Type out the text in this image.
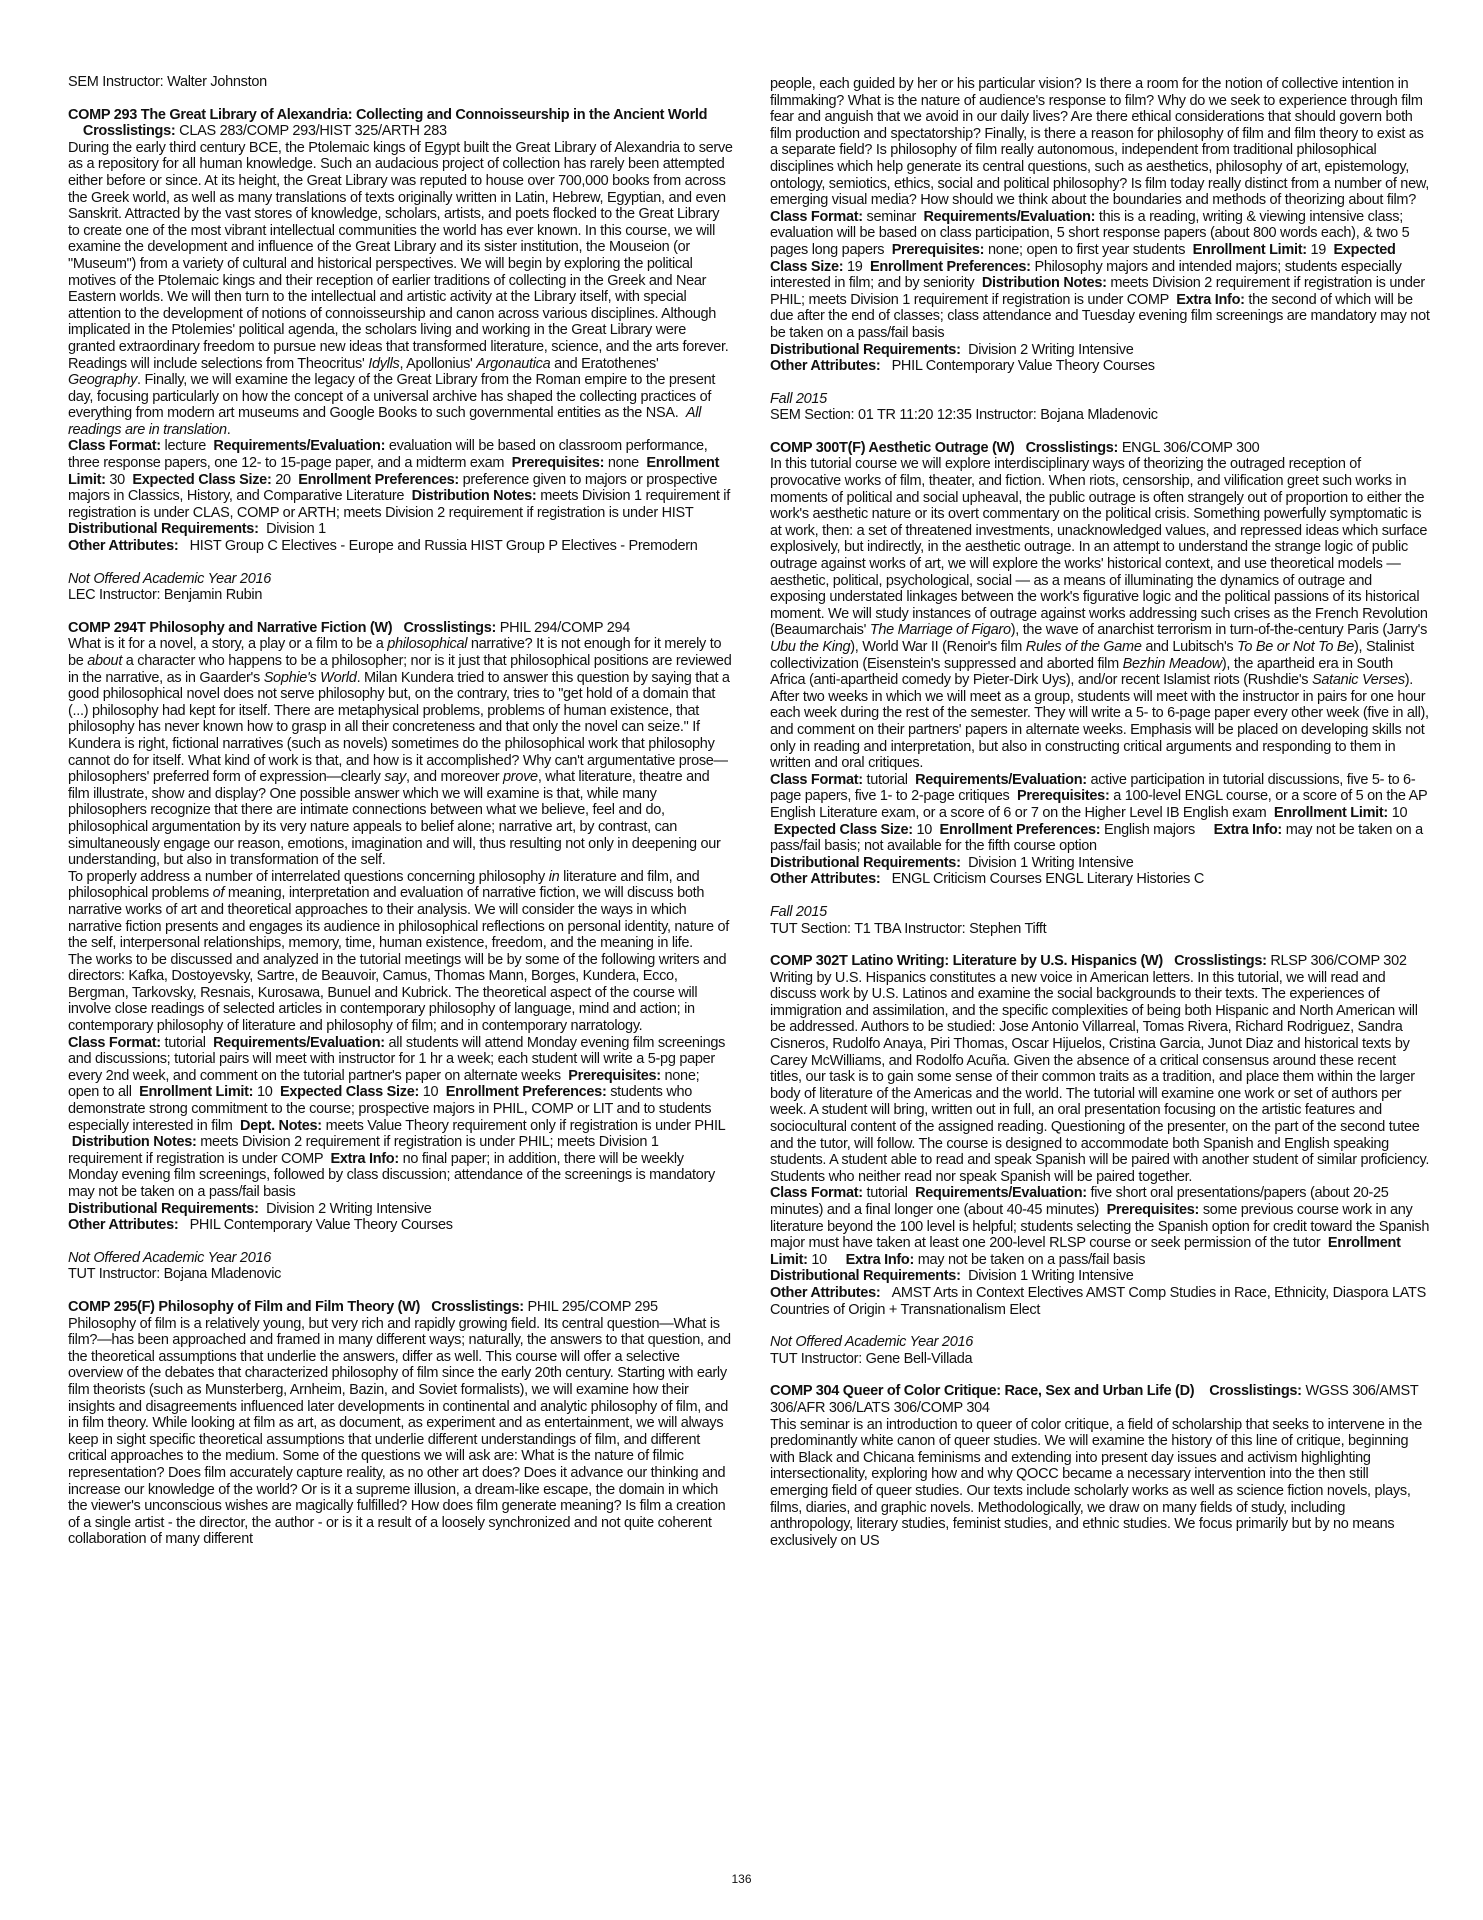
SEM Instructor: Walter Johnston

COMP 293 The Great Library of Alexandria: Collecting and Connoisseurship in the Ancient World     Crosslistings: CLAS 283/COMP 293/HIST 325/ARTH 283

During the early third century BCE, the Ptolemaic kings of Egypt built the Great Library of Alexandria to serve as a repository for all human knowledge. Such an audacious project of collection has rarely been attempted either before or since. At its height, the Great Library was reputed to house over 700,000 books from across the Greek world, as well as many translations of texts originally written in Latin, Hebrew, Egyptian, and even Sanskrit. Attracted by the vast stores of knowledge, scholars, artists, and poets flocked to the Great Library to create one of the most vibrant intellectual communities the world has ever known. In this course, we will examine the development and influence of the Great Library and its sister institution, the Mouseion (or "Museum") from a variety of cultural and historical perspectives. We will begin by exploring the political motives of the Ptolemaic kings and their reception of earlier traditions of collecting in the Greek and Near Eastern worlds. We will then turn to the intellectual and artistic activity at the Library itself, with special attention to the development of notions of connoisseurship and canon across various disciplines. Although implicated in the Ptolemies' political agenda, the scholars living and working in the Great Library were granted extraordinary freedom to pursue new ideas that transformed literature, science, and the arts forever. Readings will include selections from Theocritus' Idylls, Apollonius' Argonautica and Eratothenes' Geography. Finally, we will examine the legacy of the Great Library from the Roman empire to the present day, focusing particularly on how the concept of a universal archive has shaped the collecting practices of everything from modern art museums and Google Books to such governmental entities as the NSA. All readings are in translation.

Class Format: lecture Requirements/Evaluation: evaluation will be based on classroom performance, three response papers, one 12- to 15-page paper, and a midterm exam Prerequisites: none Enrollment Limit: 30 Expected Class Size: 20 Enrollment Preferences: preference given to majors or prospective majors in Classics, History, and Comparative Literature Distribution Notes: meets Division 1 requirement if registration is under CLAS, COMP or ARTH; meets Division 2 requirement if registration is under HIST

Distributional Requirements: Division 1

Other Attributes: HIST Group C Electives - Europe and Russia HIST Group P Electives - Premodern

Not Offered Academic Year 2016

LEC Instructor: Benjamin Rubin

COMP 294T Philosophy and Narrative Fiction (W) Crosslistings: PHIL 294/COMP 294

What is it for a novel, a story, a play or a film to be a philosophical narrative? It is not enough for it merely to be about a character who happens to be a philosopher; nor is it just that philosophical positions are reviewed in the narrative, as in Gaarder's Sophie's World. Milan Kundera tried to answer this question by saying that a good philosophical novel does not serve philosophy but, on the contrary, tries to "get hold of a domain that (...) philosophy had kept for itself. There are metaphysical problems, problems of human existence, that philosophy has never known how to grasp in all their concreteness and that only the novel can seize." If Kundera is right, fictional narratives (such as novels) sometimes do the philosophical work that philosophy cannot do for itself. What kind of work is that, and how is it accomplished? Why can't argumentative prose—philosophers' preferred form of expression—clearly say, and moreover prove, what literature, theatre and film illustrate, show and display? One possible answer which we will examine is that, while many philosophers recognize that there are intimate connections between what we believe, feel and do, philosophical argumentation by its very nature appeals to belief alone; narrative art, by contrast, can simultaneously engage our reason, emotions, imagination and will, thus resulting not only in deepening our understanding, but also in transformation of the self.

To properly address a number of interrelated questions concerning philosophy in literature and film, and philosophical problems of meaning, interpretation and evaluation of narrative fiction, we will discuss both narrative works of art and theoretical approaches to their analysis. We will consider the ways in which narrative fiction presents and engages its audience in philosophical reflections on personal identity, nature of the self, interpersonal relationships, memory, time, human existence, freedom, and the meaning in life.

The works to be discussed and analyzed in the tutorial meetings will be by some of the following writers and directors: Kafka, Dostoyevsky, Sartre, de Beauvoir, Camus, Thomas Mann, Borges, Kundera, Ecco, Bergman, Tarkovsky, Resnais, Kurosawa, Bunuel and Kubrick. The theoretical aspect of the course will involve close readings of selected articles in contemporary philosophy of language, mind and action; in contemporary philosophy of literature and philosophy of film; and in contemporary narratology.

Class Format: tutorial Requirements/Evaluation: all students will attend Monday evening film screenings and discussions; tutorial pairs will meet with instructor for 1 hr a week; each student will write a 5-pg paper every 2nd week, and comment on the tutorial partner's paper on alternate weeks Prerequisites: none; open to all Enrollment Limit: 10 Expected Class Size: 10 Enrollment Preferences: students who demonstrate strong commitment to the course; prospective majors in PHIL, COMP or LIT and to students especially interested in film Dept. Notes: meets Value Theory requirement only if registration is under PHIL  Distribution Notes: meets Division 2 requirement if registration is under PHIL; meets Division 1 requirement if registration is under COMP Extra Info: no final paper; in addition, there will be weekly Monday evening film screenings, followed by class discussion; attendance of the screenings is mandatory may not be taken on a pass/fail basis

Distributional Requirements: Division 2 Writing Intensive

Other Attributes: PHIL Contemporary Value Theory Courses

Not Offered Academic Year 2016

TUT Instructor: Bojana Mladenovic

COMP 295(F) Philosophy of Film and Film Theory (W) Crosslistings: PHIL 295/COMP 295

Philosophy of film is a relatively young, but very rich and rapidly growing field. Its central question—What is film?—has been approached and framed in many different ways; naturally, the answers to that question, and the theoretical assumptions that underlie the answers, differ as well. This course will offer a selective overview of the debates that characterized philosophy of film since the early 20th century. Starting with early film theorists (such as Munsterberg, Arnheim, Bazin, and Soviet formalists), we will examine how their insights and disagreements influenced later developments in continental and analytic philosophy of film, and in film theory. While looking at film as art, as document, as experiment and as entertainment, we will always keep in sight specific theoretical assumptions that underlie different understandings of film, and different critical approaches to the medium. Some of the questions we will ask are: What is the nature of filmic representation? Does film accurately capture reality, as no other art does? Does it advance our thinking and increase our knowledge of the world? Or is it a supreme illusion, a dream-like escape, the domain in which the viewer's unconscious wishes are magically fulfilled? How does film generate meaning? Is film a creation of a single artist - the director, the author - or is it a result of a loosely synchronized and not quite coherent collaboration of many different

people, each guided by her or his particular vision? Is there a room for the notion of collective intention in filmmaking? What is the nature of audience's response to film? Why do we seek to experience through film fear and anguish that we avoid in our daily lives? Are there ethical considerations that should govern both film production and spectatorship? Finally, is there a reason for philosophy of film and film theory to exist as a separate field? Is philosophy of film really autonomous, independent from traditional philosophical disciplines which help generate its central questions, such as aesthetics, philosophy of art, epistemology, ontology, semiotics, ethics, social and political philosophy? Is film today really distinct from a number of new, emerging visual media? How should we think about the boundaries and methods of theorizing about film?

Class Format: seminar Requirements/Evaluation: this is a reading, writing & viewing intensive class; evaluation will be based on class participation, 5 short response papers (about 800 words each), & two 5 pages long papers Prerequisites: none; open to first year students Enrollment Limit: 19 Expected Class Size: 19 Enrollment Preferences: Philosophy majors and intended majors; students especially interested in film; and by seniority Distribution Notes: meets Division 2 requirement if registration is under PHIL; meets Division 1 requirement if registration is under COMP Extra Info: the second of which will be due after the end of classes; class attendance and Tuesday evening film screenings are mandatory may not be taken on a pass/fail basis

Distributional Requirements: Division 2 Writing Intensive

Other Attributes: PHIL Contemporary Value Theory Courses

Fall 2015

SEM Section: 01 TR 11:20 12:35 Instructor: Bojana Mladenovic

COMP 300T(F) Aesthetic Outrage (W) Crosslistings: ENGL 306/COMP 300

In this tutorial course we will explore interdisciplinary ways of theorizing the outraged reception of provocative works of film, theater, and fiction. When riots, censorship, and vilification greet such works in moments of political and social upheaval, the public outrage is often strangely out of proportion to either the work's aesthetic nature or its overt commentary on the political crisis. Something powerfully symptomatic is at work, then: a set of threatened investments, unacknowledged values, and repressed ideas which surface explosively, but indirectly, in the aesthetic outrage. In an attempt to understand the strange logic of public outrage against works of art, we will explore the works' historical context, and use theoretical models — aesthetic, political, psychological, social — as a means of illuminating the dynamics of outrage and exposing understated linkages between the work's figurative logic and the political passions of its historical moment. We will study instances of outrage against works addressing such crises as the French Revolution (Beaumarchais' The Marriage of Figaro), the wave of anarchist terrorism in turn-of-the-century Paris (Jarry's Ubu the King), World War II (Renoir's film Rules of the Game and Lubitsch's To Be or Not To Be), Stalinist collectivization (Eisenstein's suppressed and aborted film Bezhin Meadow), the apartheid era in South Africa (anti-apartheid comedy by Pieter-Dirk Uys), and/or recent Islamist riots (Rushdie's Satanic Verses). After two weeks in which we will meet as a group, students will meet with the instructor in pairs for one hour each week during the rest of the semester. They will write a 5- to 6-page paper every other week (five in all), and comment on their partners' papers in alternate weeks. Emphasis will be placed on developing skills not only in reading and interpretation, but also in constructing critical arguments and responding to them in written and oral critiques.

Class Format: tutorial Requirements/Evaluation: active participation in tutorial discussions, five 5- to 6-page papers, five 1- to 2-page critiques Prerequisites: a 100-level ENGL course, or a score of 5 on the AP English Literature exam, or a score of 6 or 7 on the Higher Level IB English exam Enrollment Limit: 10  Expected Class Size: 10 Enrollment Preferences: English majors Extra Info: may not be taken on a pass/fail basis; not available for the fifth course option

Distributional Requirements: Division 1 Writing Intensive

Other Attributes: ENGL Criticism Courses ENGL Literary Histories C

Fall 2015

TUT Section: T1 TBA Instructor: Stephen Tifft

COMP 302T Latino Writing: Literature by U.S. Hispanics (W) Crosslistings: RLSP 306/COMP 302

Writing by U.S. Hispanics constitutes a new voice in American letters. In this tutorial, we will read and discuss work by U.S. Latinos and examine the social backgrounds to their texts. The experiences of immigration and assimilation, and the specific complexities of being both Hispanic and North American will be addressed. Authors to be studied: Jose Antonio Villarreal, Tomas Rivera, Richard Rodriguez, Sandra Cisneros, Rudolfo Anaya, Piri Thomas, Oscar Hijuelos, Cristina Garcia, Junot Diaz and historical texts by Carey McWilliams, and Rodolfo Acuña. Given the absence of a critical consensus around these recent titles, our task is to gain some sense of their common traits as a tradition, and place them within the larger body of literature of the Americas and the world. The tutorial will examine one work or set of authors per week. A student will bring, written out in full, an oral presentation focusing on the artistic features and sociocultural content of the assigned reading. Questioning of the presenter, on the part of the second tutee and the tutor, will follow. The course is designed to accommodate both Spanish and English speaking students. A student able to read and speak Spanish will be paired with another student of similar proficiency. Students who neither read nor speak Spanish will be paired together.

Class Format: tutorial Requirements/Evaluation: five short oral presentations/papers (about 20-25 minutes) and a final longer one (about 40-45 minutes) Prerequisites: some previous course work in any literature beyond the 100 level is helpful; students selecting the Spanish option for credit toward the Spanish major must have taken at least one 200-level RLSP course or seek permission of the tutor Enrollment Limit: 10 Extra Info: may not be taken on a pass/fail basis

Distributional Requirements: Division 1 Writing Intensive

Other Attributes: AMST Arts in Context Electives AMST Comp Studies in Race, Ethnicity, Diaspora LATS Countries of Origin + Transnationalism Elect

Not Offered Academic Year 2016

TUT Instructor: Gene Bell-Villada

COMP 304 Queer of Color Critique: Race, Sex and Urban Life (D) Crosslistings: WGSS 306/AMST 306/AFR 306/LATS 306/COMP 304

This seminar is an introduction to queer of color critique, a field of scholarship that seeks to intervene in the predominantly white canon of queer studies. We will examine the history of this line of critique, beginning with Black and Chicana feminisms and extending into present day issues and activism highlighting intersectionality, exploring how and why QOCC became a necessary intervention into the then still emerging field of queer studies. Our texts include scholarly works as well as science fiction novels, plays, films, diaries, and graphic novels. Methodologically, we draw on many fields of study, including anthropology, literary studies, feminist studies, and ethnic studies. We focus primarily but by no means exclusively on US

136
